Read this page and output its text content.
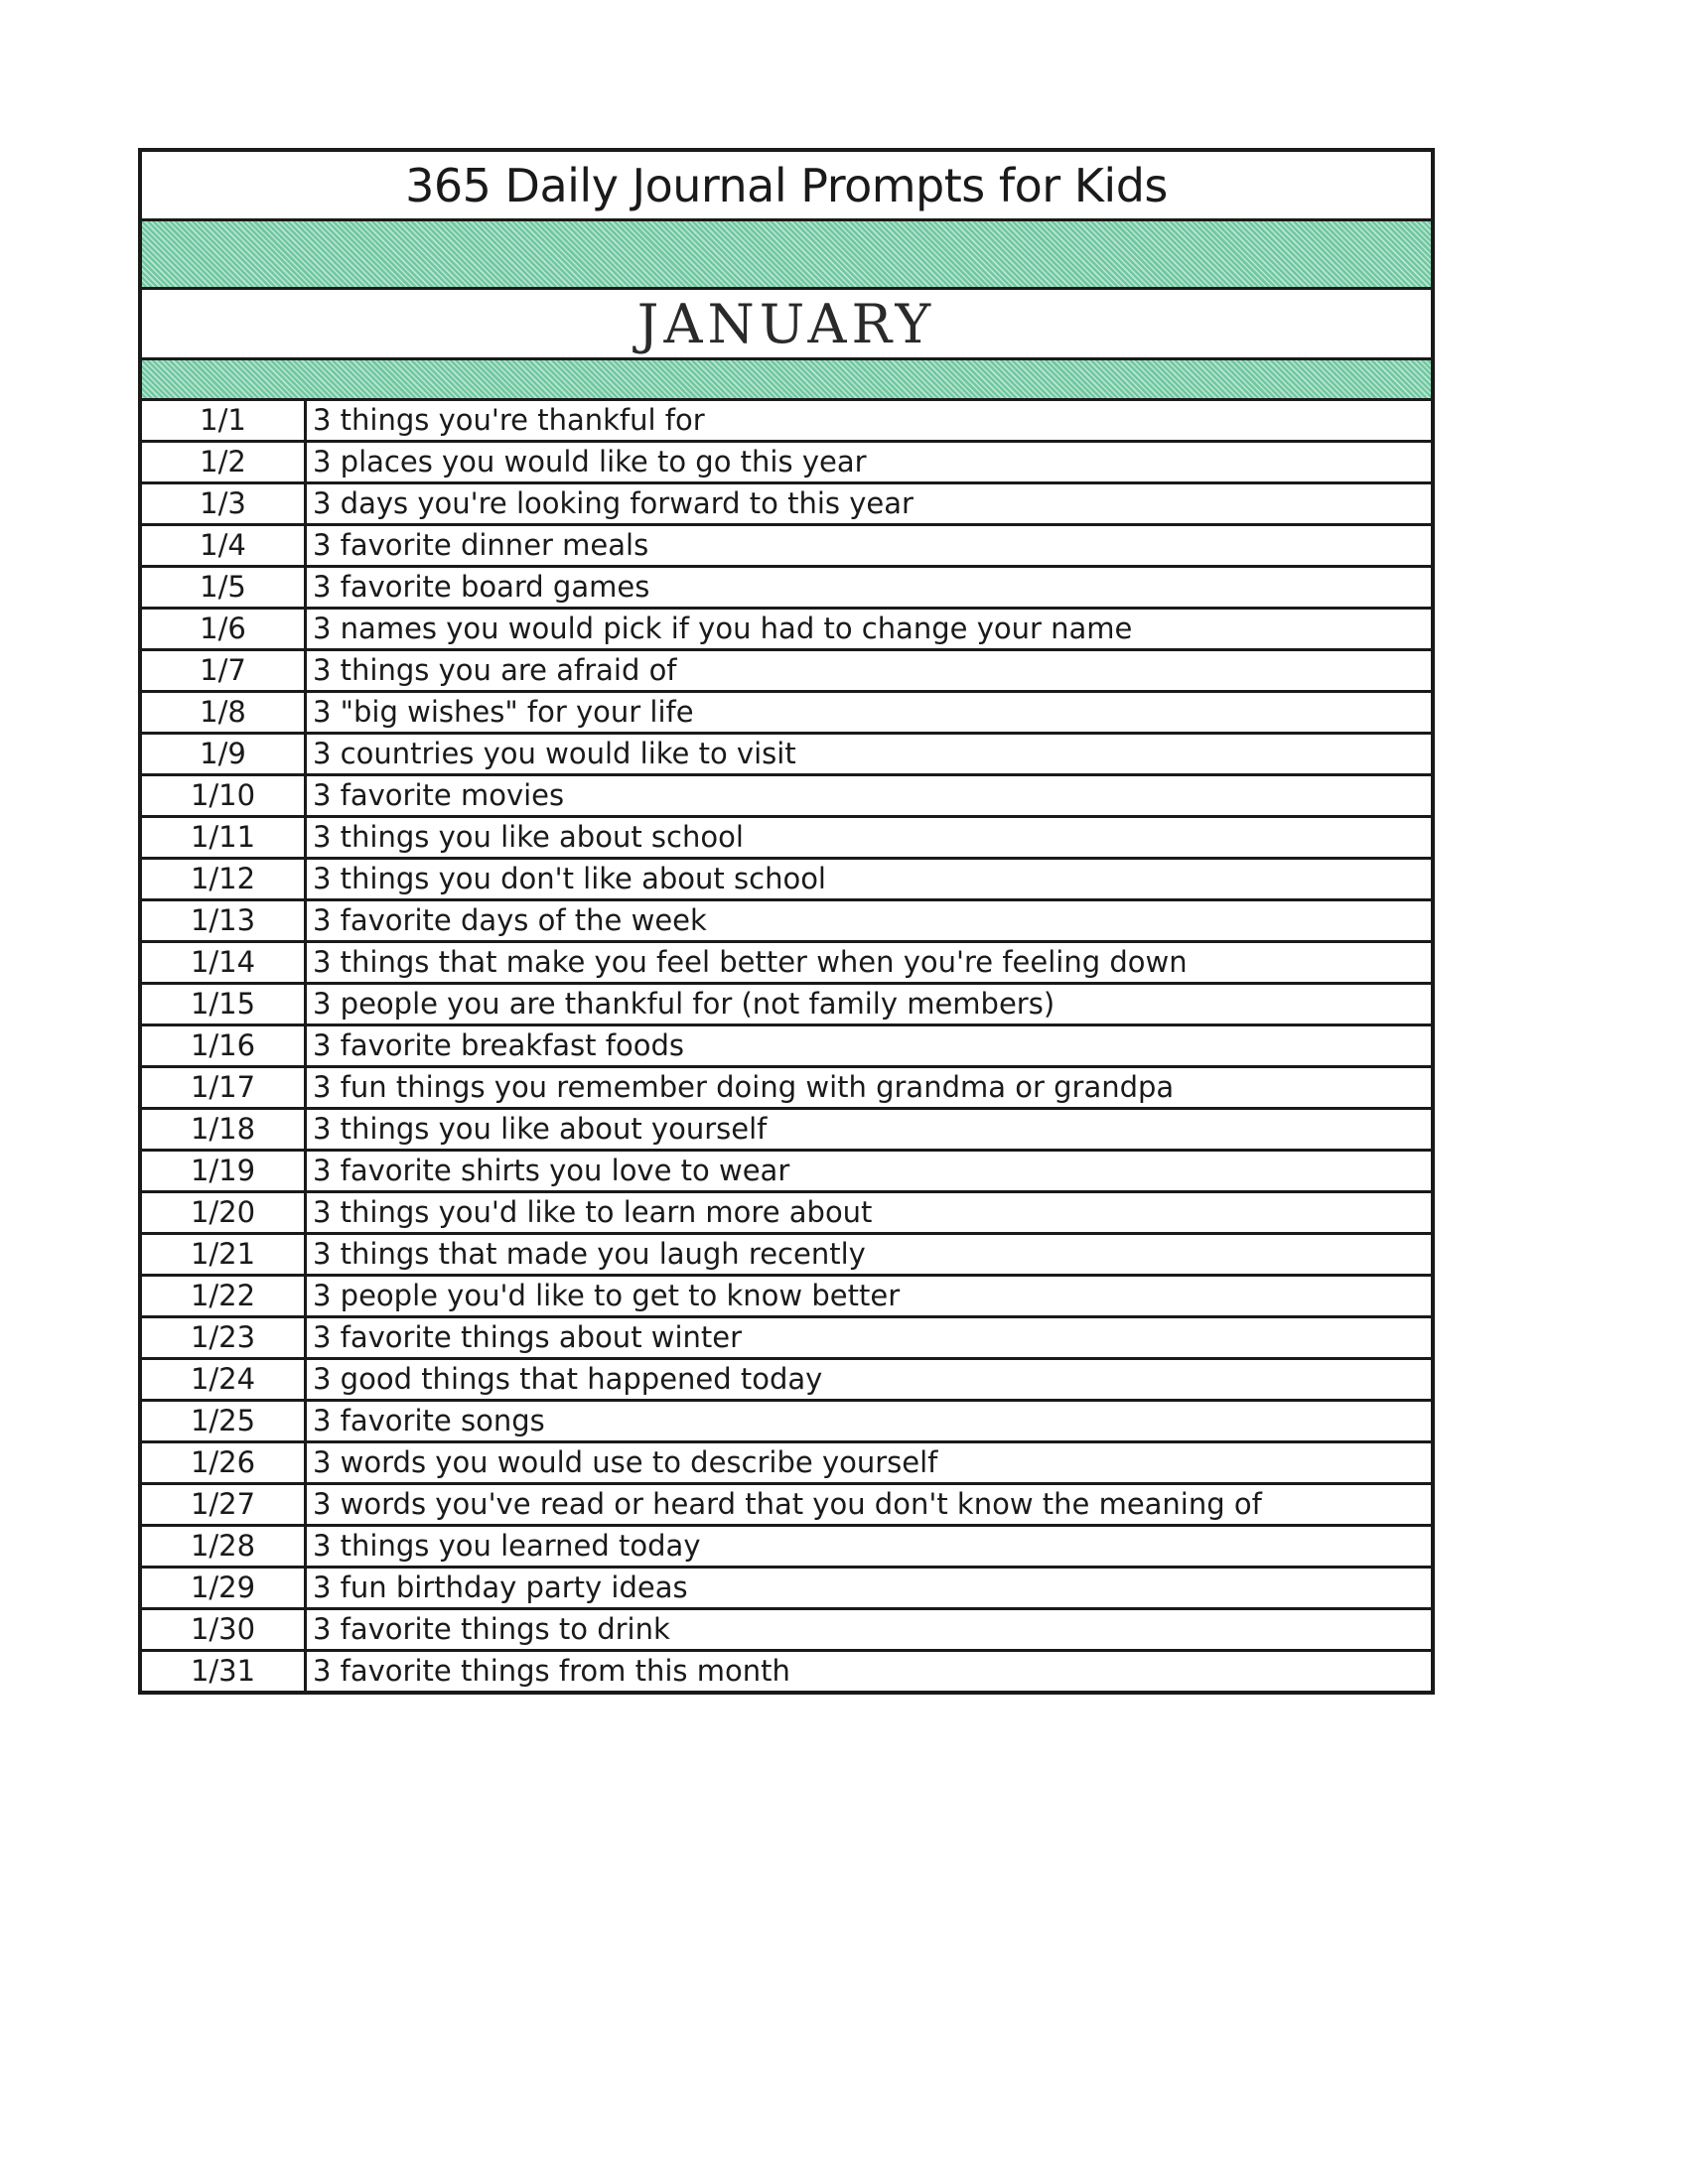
365 Daily Journal Prompts for Kids
JANUARY
1/1	3 things you're thankful for
1/2	3 places you would like to go this year
1/3	3 days you're looking forward to this year
1/4	3 favorite dinner meals
1/5	3 favorite board games
1/6	3 names you would pick if you had to change your name
1/7	3 things you are afraid of
1/8	3 "big wishes" for your life
1/9	3 countries you would like to visit
1/10	3 favorite movies
1/11	3 things you like about school
1/12	3 things you don't like about school
1/13	3 favorite days of the week
1/14	3 things that make you feel better when you're feeling down
1/15	3 people you are thankful for (not family members)
1/16	3 favorite breakfast foods
1/17	3 fun things you remember doing with grandma or grandpa
1/18	3 things you like about yourself
1/19	3 favorite shirts you love to wear
1/20	3 things you'd like to learn more about
1/21	3 things that made you laugh recently
1/22	3 people you'd like to get to know better
1/23	3 favorite things about winter
1/24	3 good things that happened today
1/25	3 favorite songs
1/26	3 words you would use to describe yourself
1/27	3 words you've read or heard that you don't know the meaning of
1/28	3 things you learned today
1/29	3 fun birthday party ideas
1/30	3 favorite things to drink
1/31	3 favorite things from this month
